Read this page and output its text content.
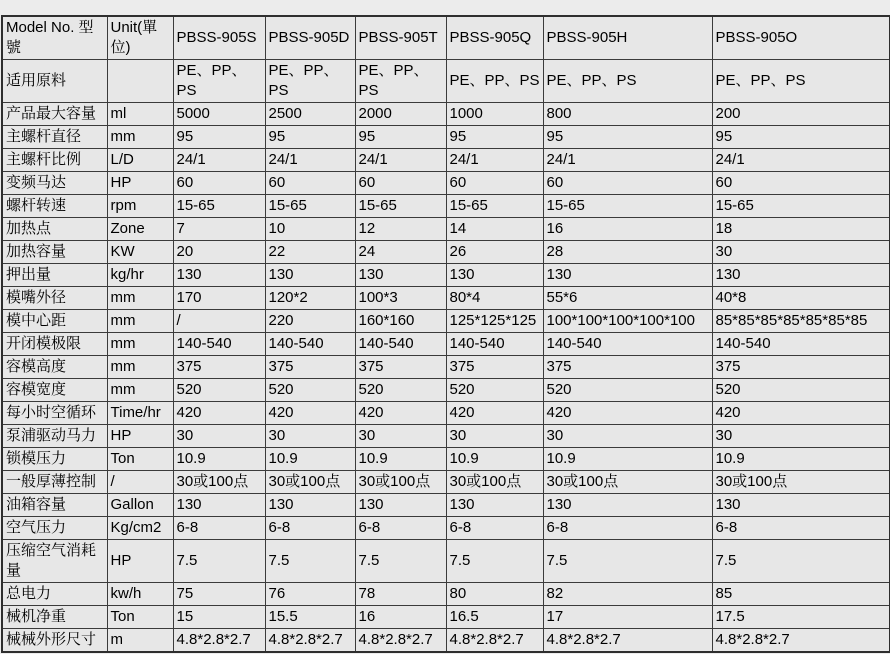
Model No. 型號	Unit(單位)	PBSS-905S	PBSS-905D	PBSS-905T	PBSS-905Q	PBSS-905H	PBSS-905O
适用原料		PE、PP、PS	PE、PP、PS	PE、PP、PS	PE、PP、PS	PE、PP、PS	PE、PP、PS
产品最大容量	ml	5000	2500	2000	1000	800	200
主螺杆直径	mm	95	95	95	95	95	95
主螺杆比例	L/D	24/1	24/1	24/1	24/1	24/1	24/1
变频马达	HP	60	60	60	60	60	60
螺杆转速	rpm	15-65	15-65	15-65	15-65	15-65	15-65
加热点	Zone	7	10	12	14	16	18
加热容量	KW	20	22	24	26	28	30
押出量	kg/hr	130	130	130	130	130	130
模嘴外径	mm	170	120*2	100*3	80*4	55*6	40*8
模中心距	mm	/	220	160*160	125*125*125	100*100*100*100*100	85*85*85*85*85*85*85
开闭模极限	mm	140-540	140-540	140-540	140-540	140-540	140-540
容模高度	mm	375	375	375	375	375	375
容模宽度	mm	520	520	520	520	520	520
每小时空循环	Time/hr	420	420	420	420	420	420
泵浦驱动马力	HP	30	30	30	30	30	30
锁模压力	Ton	10.9	10.9	10.9	10.9	10.9	10.9
一般厚薄控制	/	30或100点	30或100点	30或100点	30或100点	30或100点	30或100点
油箱容量	Gallon	130	130	130	130	130	130
空气压力	Kg/cm2	6-8	6-8	6-8	6-8	6-8	6-8
压缩空气消耗量	HP	7.5	7.5	7.5	7.5	7.5	7.5
总电力	kw/h	75	76	78	80	82	85
械机净重	Ton	15	15.5	16	16.5	17	17.5
械械外形尺寸	m	4.8*2.8*2.7	4.8*2.8*2.7	4.8*2.8*2.7	4.8*2.8*2.7	4.8*2.8*2.7	4.8*2.8*2.7
